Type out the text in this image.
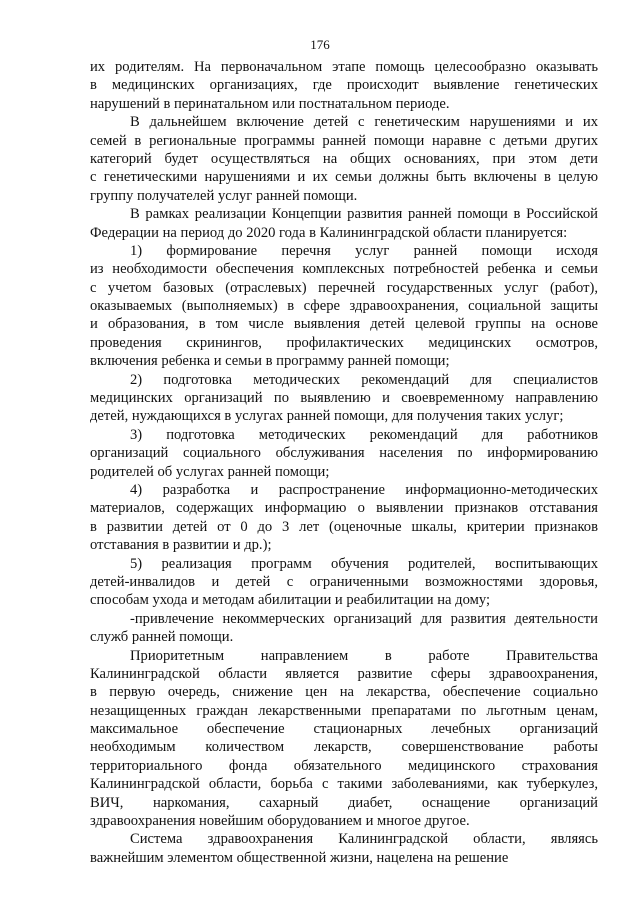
176
их родителям. На первоначальном этапе помощь целесообразно оказывать
в медицинских организациях, где происходит выявление генетических
нарушений в перинатальном или постнатальном периоде.
В дальнейшем включение детей с генетическим нарушениями и их
семей в региональные программы ранней помощи наравне с детьми других
категорий будет осуществляться на общих основаниях, при этом дети
с генетическими нарушениями и их семьи должны быть включены в целую
группу получателей услуг ранней помощи.
В рамках реализации Концепции развития ранней помощи в Российской
Федерации на период до 2020 года в Калининградской области планируется:
1) формирование перечня услуг ранней помощи исходя
из необходимости обеспечения комплексных потребностей ребенка и семьи
с учетом базовых (отраслевых) перечней государственных услуг (работ),
оказываемых (выполняемых) в сфере здравоохранения, социальной защиты
и образования, в том числе выявления детей целевой группы на основе
проведения скринингов, профилактических медицинских осмотров,
включения ребенка и семьи в программу ранней помощи;
2) подготовка методических рекомендаций для специалистов
медицинских организаций по выявлению и своевременному направлению
детей, нуждающихся в услугах ранней помощи, для получения таких услуг;
3) подготовка методических рекомендаций для работников
организаций социального обслуживания населения по информированию
родителей об услугах ранней помощи;
4) разработка и распространение информационно-методических
материалов, содержащих информацию о выявлении признаков отставания
в развитии детей от 0 до 3 лет (оценочные шкалы, критерии признаков
отставания в развитии и др.);
5) реализация программ обучения родителей, воспитывающих
детей-инвалидов и детей с ограниченными возможностями здоровья,
способам ухода и методам абилитации и реабилитации на дому;
-привлечение некоммерческих организаций для развития деятельности
служб ранней помощи.
Приоритетным направлением в работе Правительства
Калининградской области является развитие сферы здравоохранения,
в первую очередь, снижение цен на лекарства, обеспечение социально
незащищенных граждан лекарственными препаратами по льготным ценам,
максимальное обеспечение стационарных лечебных организаций
необходимым количеством лекарств, совершенствование работы
территориального фонда обязательного медицинского страхования
Калининградской области, борьба с такими заболеваниями, как туберкулез,
ВИЧ, наркомания, сахарный диабет, оснащение организаций
здравоохранения новейшим оборудованием и многое другое.
Система здравоохранения Калининградской области, являясь
важнейшим элементом общественной жизни, нацелена на решение
